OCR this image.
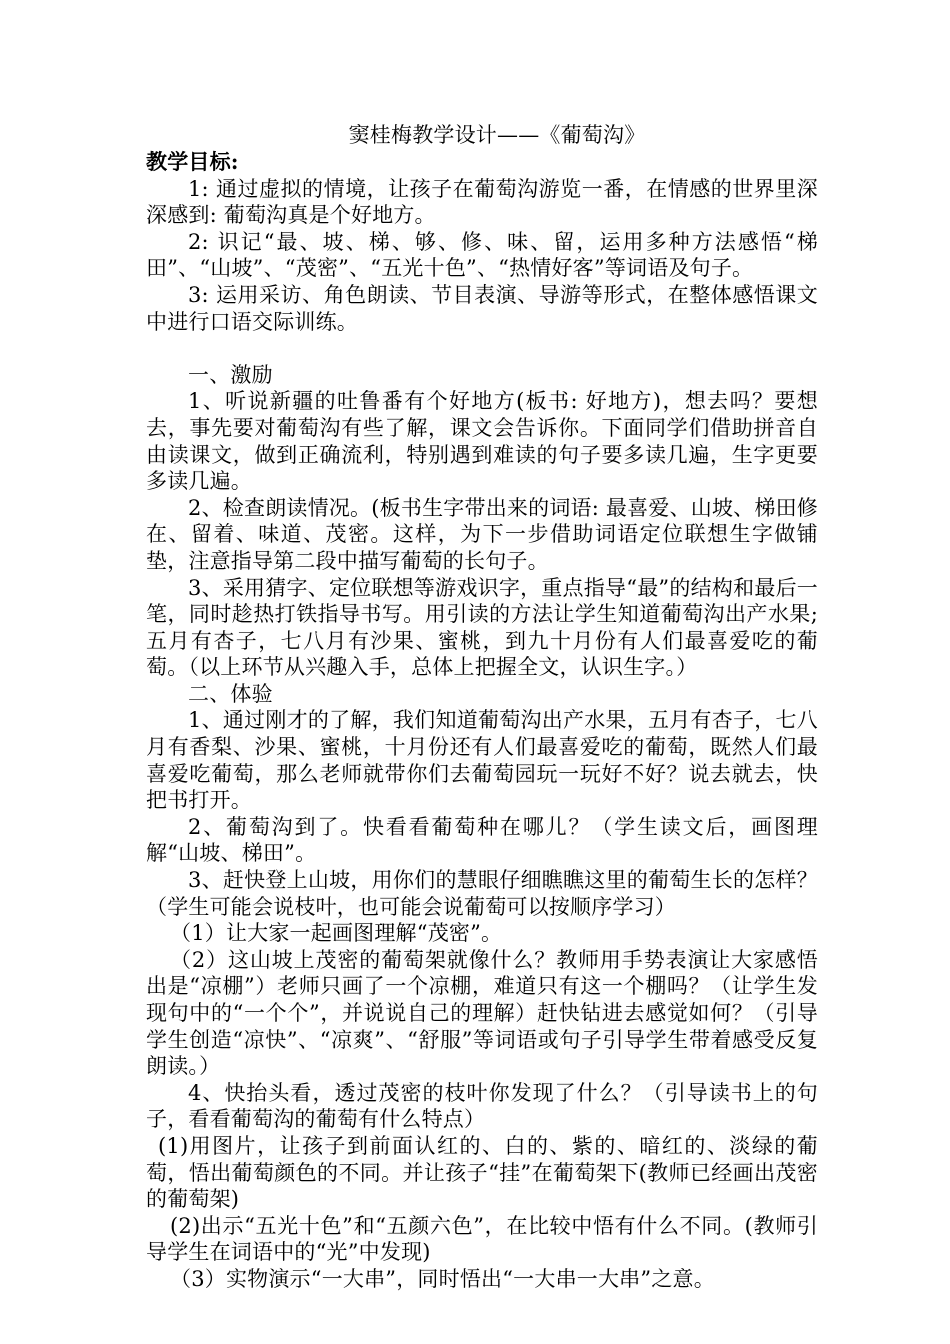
窦桂梅教学设计——《葡萄沟》

教学目标:

1: 通过虚拟的情境，让孩子在葡萄沟游览一番，在情感的世界里深深感到: 葡萄沟真是个好地方。

2: 识记“最、坡、梯、够、修、味、留，运用多种方法感悟“梯田”、“山坡”、“茂密”、“五光十色”、“热情好客”等词语及句子。

3: 运用采访、角色朗读、节目表演、导游等形式，在整体感悟课文中进行口语交际训练。

一、激励

1、听说新疆的吐鲁番有个好地方(板书: 好地方)，想去吗？要想去，事先要对葡萄沟有些了解，课文会告诉你。下面同学们借助拼音自由读课文，做到正确流利，特别遇到难读的句子要多读几遍，生字更要多读几遍。

2、检查朗读情况。(板书生字带出来的词语: 最喜爱、山坡、梯田修在、留着、味道、茂密。这样，为下一步借助词语定位联想生字做铺垫，注意指导第二段中描写葡萄的长句子。

3、采用猜字、定位联想等游戏识字，重点指导“最”的结构和最后一笔，同时趁热打铁指导书写。用引读的方法让学生知道葡萄沟出产水果; 五月有杏子，七八月有沙果、蜜桃，到九十月份有人们最喜爱吃的葡萄。（以上环节从兴趣入手，总体上把握全文，认识生字。）

二、体验

1、通过刚才的了解，我们知道葡萄沟出产水果，五月有杏子，七八月有香梨、沙果、蜜桃，十月份还有人们最喜爱吃的葡萄，既然人们最喜爱吃葡萄，那么老师就带你们去葡萄园玩一玩好不好？说去就去，快把书打开。

2、葡萄沟到了。快看看葡萄种在哪儿？（学生读文后，画图理解“山坡、梯田”。

3、赶快登上山坡，用你们的慧眼仔细瞧瞧这里的葡萄生长的怎样？（学生可能会说枝叶，也可能会说葡萄可以按顺序学习）

（1）让大家一起画图理解“茂密”。

（2）这山坡上茂密的葡萄架就像什么？教师用手势表演让大家感悟出是“凉棚”）老师只画了一个凉棚，难道只有这一个棚吗？（让学生发现句中的“一个个”，并说说自己的理解）赶快钻进去感觉如何？（引导学生创造“凉快”、“凉爽”、“舒服”等词语或句子引导学生带着感受反复朗读。）

4、快抬头看，透过茂密的枝叶你发现了什么？（引导读书上的句子，看看葡萄沟的葡萄有什么特点）

(1)用图片，让孩子到前面认红的、白的、紫的、暗红的、淡绿的葡萄，悟出葡萄颜色的不同。并让孩子“挂”在葡萄架下(教师已经画出茂密的葡萄架)

(2)出示“五光十色”和“五颜六色”，在比较中悟有什么不同。(教师引导学生在词语中的“光”中发现)

（3）实物演示“一大串”，同时悟出“一大串一大串”之意。
